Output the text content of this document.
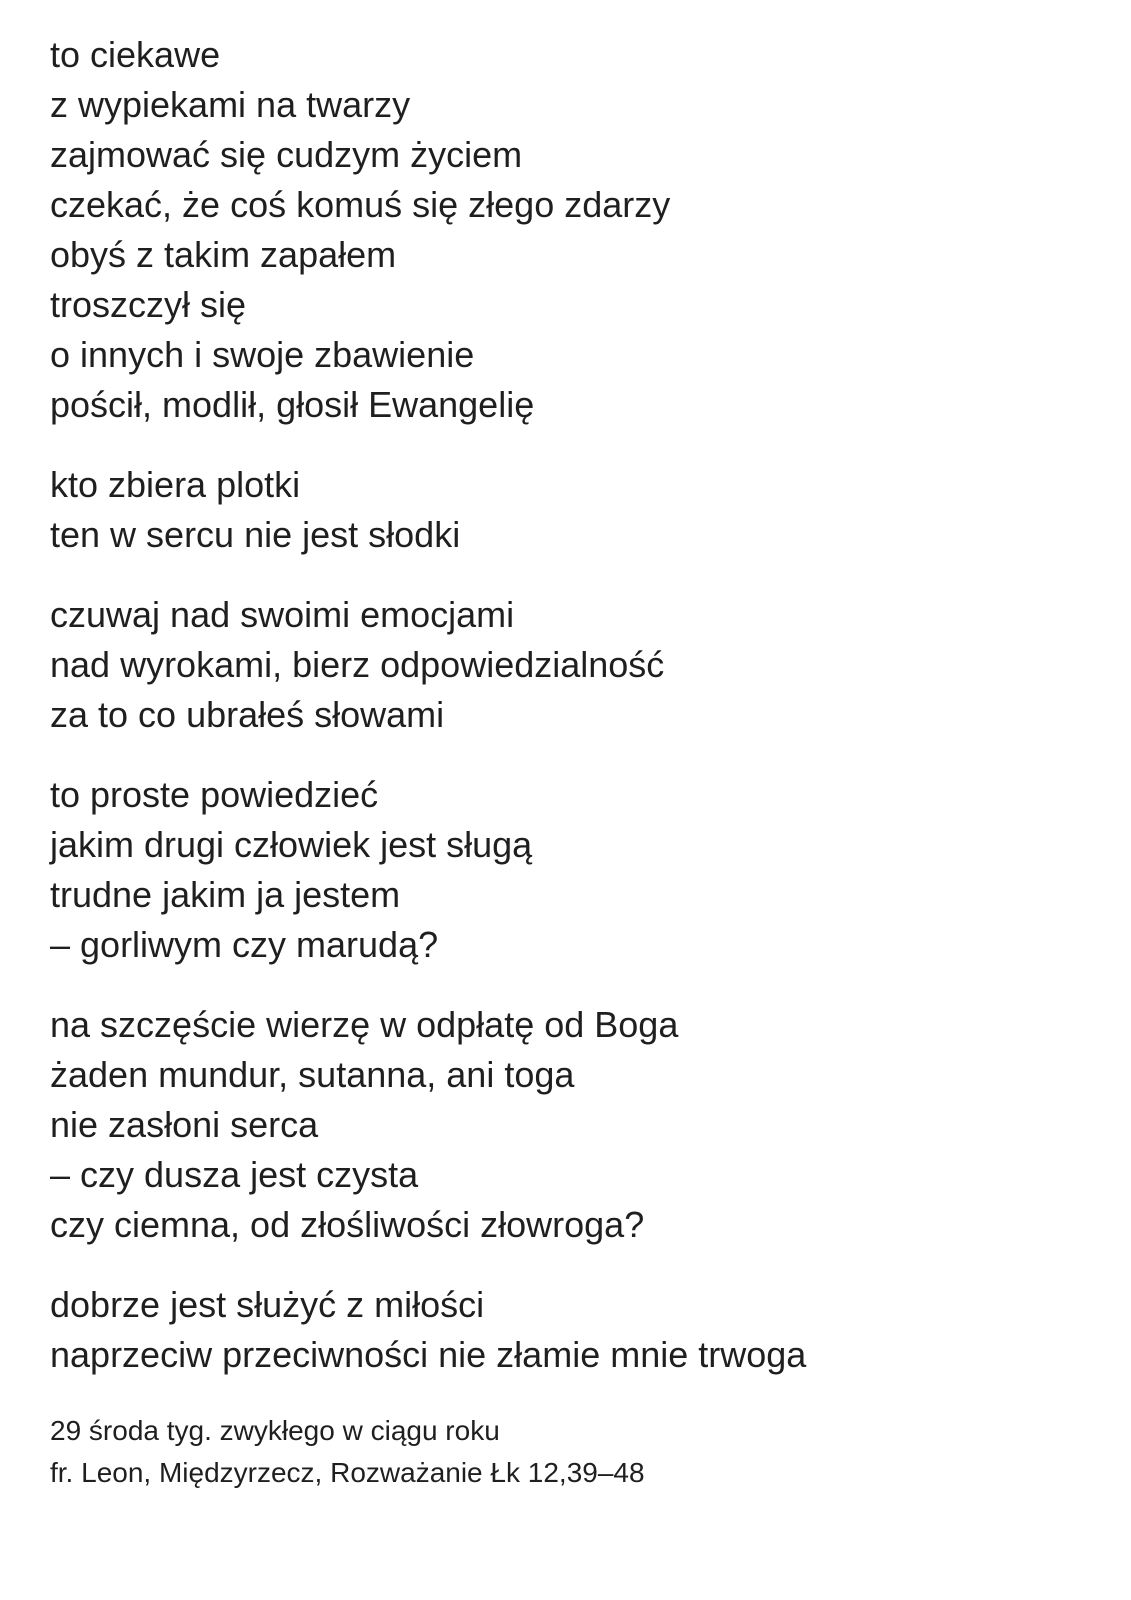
to ciekawe
z wypiekami na twarzy
zajmować się cudzym życiem
czekać, że coś komuś się złego zdarzy
obyś z takim zapałem
troszczył się
o innych i swoje zbawienie
pościł, modlił, głosił Ewangelię
kto zbiera plotki
ten w sercu nie jest słodki
czuwaj nad swoimi emocjami
nad wyrokami, bierz odpowiedzialność
za to co ubrałeś słowami
to proste powiedzieć
jakim drugi człowiek jest sługą
trudne jakim ja jestem
– gorliwym czy marudą?
na szczęście wierzę w odpłatę od Boga
żaden mundur, sutanna, ani toga
nie zasłoni serca
– czy dusza jest czysta
czy ciemna, od złośliwości złowroga?
dobrze jest służyć z miłości
naprzeciw przeciwności nie złamie mnie trwoga
29 środa tyg. zwykłego w ciągu roku
fr. Leon, Międzyrzecz, Rozważanie Łk 12,39–48
